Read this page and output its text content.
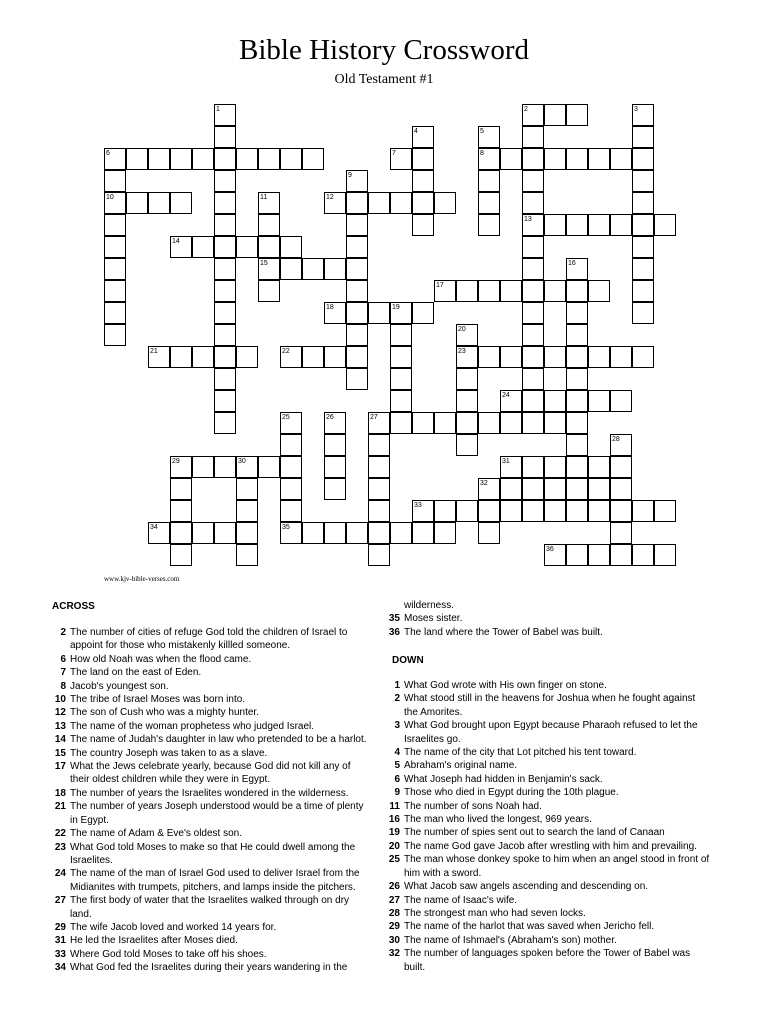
Bible History Crossword
Old Testament #1
1	2	3
4	5
6	7	8
9
10	11	12
13
14
15	16
17
18	19
20
21	22	23
24
25	26	27
28
29	30	31
32
33
34	35
36
www.kjv-bible-verses.com
ACROSS
2 The number of cities of refuge God told the children of Israel to appoint for those who mistakenly killled someone.
6 How old Noah was when the flood came.
7 The land on the east of Eden.
8 Jacob's youngest son.
10 The tribe of Israel Moses was born into.
12 The son of Cush who was a mighty hunter.
13 The name of the woman prophetess who judged Israel.
14 The name of Judah's daughter in law who pretended to be a harlot.
15 The country Joseph was taken to as a slave.
17 What the Jews celebrate yearly, because God did not kill any of their oldest children while they were in Egypt.
18 The number of years the Israelites wondered in the wilderness.
21 The number of years Joseph understood would be a time of plenty in Egypt.
22 The name of Adam & Eve's oldest son.
23 What God told Moses to make so that He could dwell among the Israelites.
24 The name of the man of Israel God used to deliver Israel from the Midianites with trumpets, pitchers, and lamps inside the pitchers.
27 The first body of water that the Israelites walked through on dry land.
29 The wife Jacob loved and worked 14 years for.
31 He led the Israelites after Moses died.
33 Where God told Moses to take off his shoes.
34 What God fed the Israelites during their years wandering in the
wilderness.
35 Moses sister.
36 The land where the Tower of Babel was built.
DOWN
1 What God wrote with His own finger on stone.
2 What stood still in the heavens for Joshua when he fought against the Amorites.
3 What God brought upon Egypt because Pharaoh refused to let the Israelites go.
4 The name of the city that Lot pitched his tent toward.
5 Abraham's original name.
6 What Joseph had hidden in Benjamin's sack.
9 Those who died in Egypt during the 10th plague.
11 The number of sons Noah had.
16 The man who lived the longest, 969 years.
19 The number of spies sent out to search the land of Canaan
20 The name God gave Jacob after wrestling with him and prevailing.
25 The man whose donkey spoke to him when an angel stood in front of him with a sword.
26 What Jacob saw angels ascending and descending on.
27 The name of Isaac's wife.
28 The strongest man who had seven locks.
29 The name of the harlot that was saved when Jericho fell.
30 The name of Ishmael's (Abraham's son) mother.
32 The number of languages spoken before the Tower of Babel was built.
